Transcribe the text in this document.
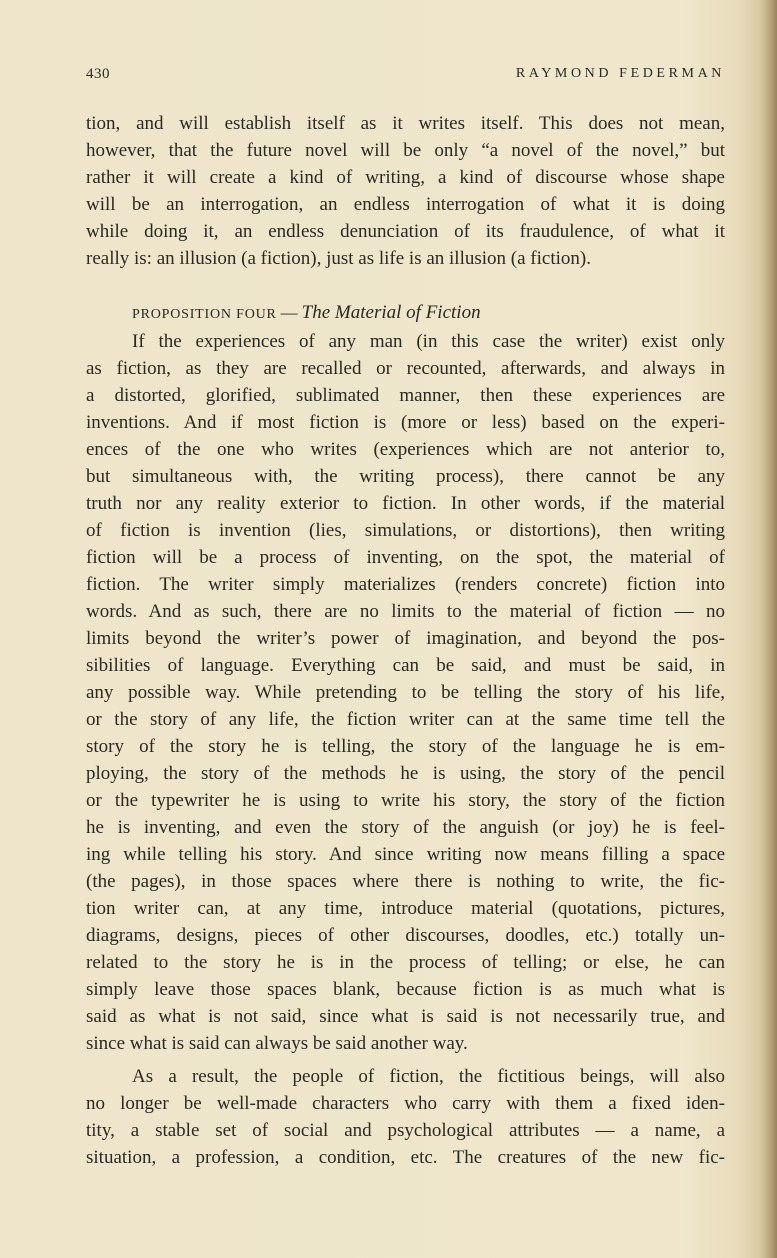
430	RAYMOND FEDERMAN
tion, and will establish itself as it writes itself. This does not mean,
however, that the future novel will be only “a novel of the novel,” but
rather it will create a kind of writing, a kind of discourse whose shape
will be an interrogation, an endless interrogation of what it is doing
while doing it, an endless denunciation of its fraudulence, of what it
really is: an illusion (a fiction), just as life is an illusion (a fiction).
PROPOSITION FOUR — The Material of Fiction
If the experiences of any man (in this case the writer) exist only
as fiction, as they are recalled or recounted, afterwards, and always in
a distorted, glorified, sublimated manner, then these experiences are
inventions. And if most fiction is (more or less) based on the experi-
ences of the one who writes (experiences which are not anterior to,
but simultaneous with, the writing process), there cannot be any
truth nor any reality exterior to fiction. In other words, if the material
of fiction is invention (lies, simulations, or distortions), then writing
fiction will be a process of inventing, on the spot, the material of
fiction. The writer simply materializes (renders concrete) fiction into
words. And as such, there are no limits to the material of fiction — no
limits beyond the writer’s power of imagination, and beyond the pos-
sibilities of language. Everything can be said, and must be said, in
any possible way. While pretending to be telling the story of his life,
or the story of any life, the fiction writer can at the same time tell the
story of the story he is telling, the story of the language he is em-
ploying, the story of the methods he is using, the story of the pencil
or the typewriter he is using to write his story, the story of the fiction
he is inventing, and even the story of the anguish (or joy) he is feel-
ing while telling his story. And since writing now means filling a space
(the pages), in those spaces where there is nothing to write, the fic-
tion writer can, at any time, introduce material (quotations, pictures,
diagrams, designs, pieces of other discourses, doodles, etc.) totally un-
related to the story he is in the process of telling; or else, he can
simply leave those spaces blank, because fiction is as much what is
said as what is not said, since what is said is not necessarily true, and
since what is said can always be said another way.
As a result, the people of fiction, the fictitious beings, will also
no longer be well-made characters who carry with them a fixed iden-
tity, a stable set of social and psychological attributes — a name, a
situation, a profession, a condition, etc. The creatures of the new fic-
